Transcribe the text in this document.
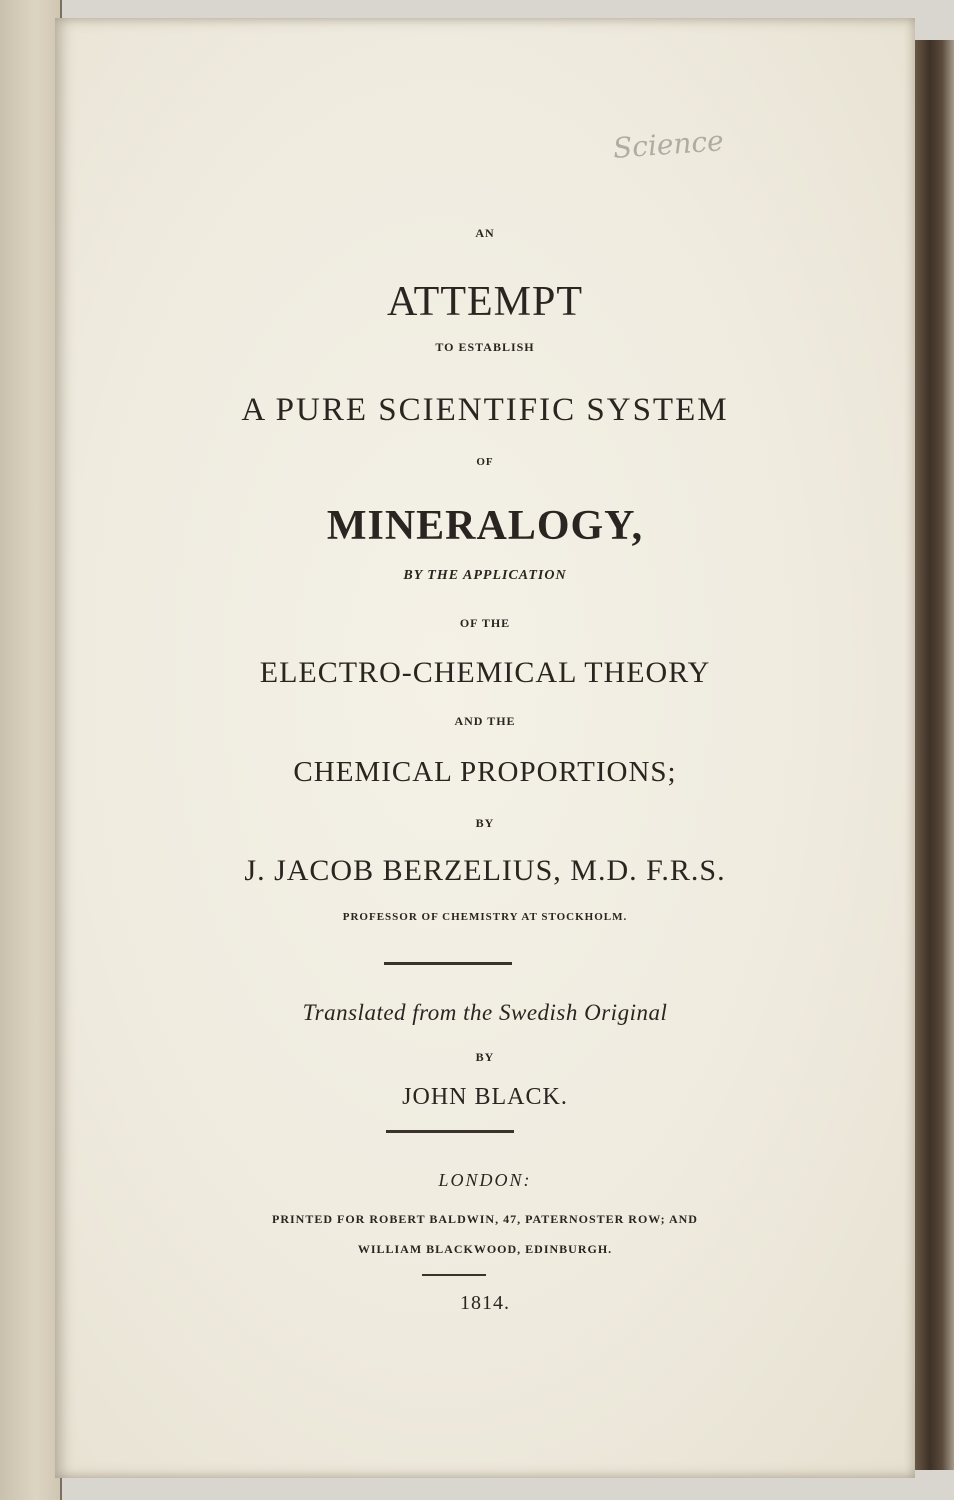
Science
AN
ATTEMPT
TO ESTABLISH
A PURE SCIENTIFIC SYSTEM
OF
MINERALOGY,
BY THE APPLICATION
OF THE
ELECTRO-CHEMICAL THEORY
AND THE
CHEMICAL PROPORTIONS;
BY
J. JACOB BERZELIUS, M.D. F.R.S.
PROFESSOR OF CHEMISTRY AT STOCKHOLM.
Translated from the Swedish Original
BY
JOHN BLACK.
LONDON:
PRINTED FOR ROBERT BALDWIN, 47, PATERNOSTER ROW; AND
WILLIAM BLACKWOOD, EDINBURGH.
1814.
